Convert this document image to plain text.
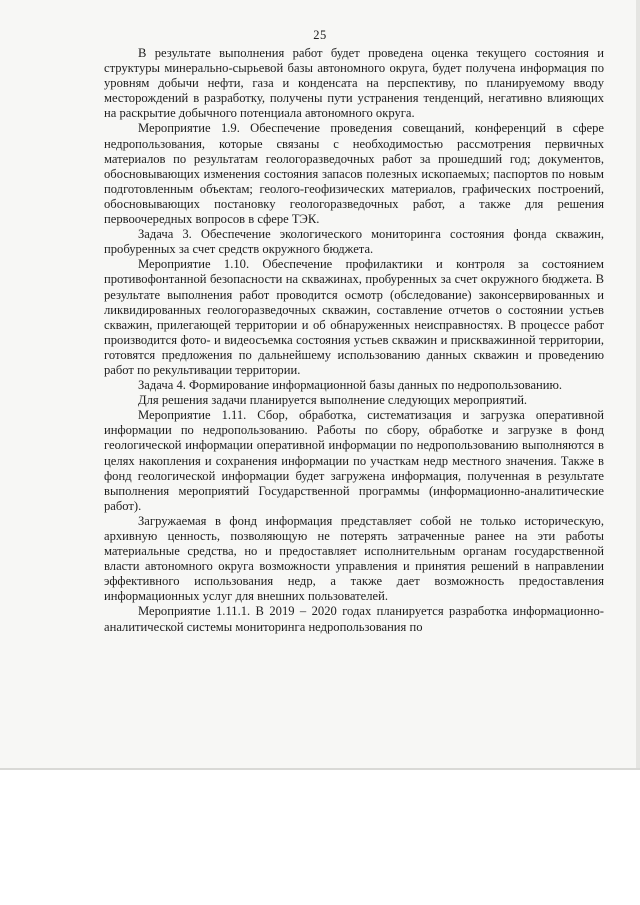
25

В результате выполнения работ будет проведена оценка текущего состояния и структуры минерально-сырьевой базы автономного округа, будет получена информация по уровням добычи нефти, газа и конденсата на перспективу, по планируемому вводу месторождений в разработку, получены пути устранения тенденций, негативно влияющих на раскрытие добычного потенциала автономного округа.

Мероприятие 1.9. Обеспечение проведения совещаний, конференций в сфере недропользования, которые связаны с необходимостью рассмотрения первичных материалов по результатам геологоразведочных работ за прошедший год; документов, обосновывающих изменения состояния запасов полезных ископаемых; паспортов по новым подготовленным объектам; геолого-геофизических материалов, графических построений, обосновывающих постановку геологоразведочных работ, а также для решения первоочередных вопросов в сфере ТЭК.

Задача 3. Обеспечение экологического мониторинга состояния фонда скважин, пробуренных за счет средств окружного бюджета.

Мероприятие 1.10. Обеспечение профилактики и контроля за состоянием противофонтанной безопасности на скважинах, пробуренных за счет окружного бюджета. В результате выполнения работ проводится осмотр (обследование) законсервированных и ликвидированных геологоразведочных скважин, составление отчетов о состоянии устьев скважин, прилегающей территории и об обнаруженных неисправностях. В процессе работ производится фото- и видеосъемка состояния устьев скважин и прискважинной территории, готовятся предложения по дальнейшему использованию данных скважин и проведению работ по рекультивации территории.

Задача 4. Формирование информационной базы данных по недропользованию.

Для решения задачи планируется выполнение следующих мероприятий.

Мероприятие 1.11. Сбор, обработка, систематизация и загрузка оперативной информации по недропользованию. Работы по сбору, обработке и загрузке в фонд геологической информации оперативной информации по недропользованию выполняются в целях накопления и сохранения информации по участкам недр местного значения. Также в фонд геологической информации будет загружена информация, полученная в результате выполнения мероприятий Государственной программы (информационно-аналитические работ).

Загружаемая в фонд информация представляет собой не только историческую, архивную ценность, позволяющую не потерять затраченные ранее на эти работы материальные средства, но и предоставляет исполнительным органам государственной власти автономного округа возможности управления и принятия решений в направлении эффективного использования недр, а также дает возможность предоставления информационных услуг для внешних пользователей.

Мероприятие 1.11.1. В 2019 – 2020 годах планируется разработка информационно-аналитической системы мониторинга недропользования по
